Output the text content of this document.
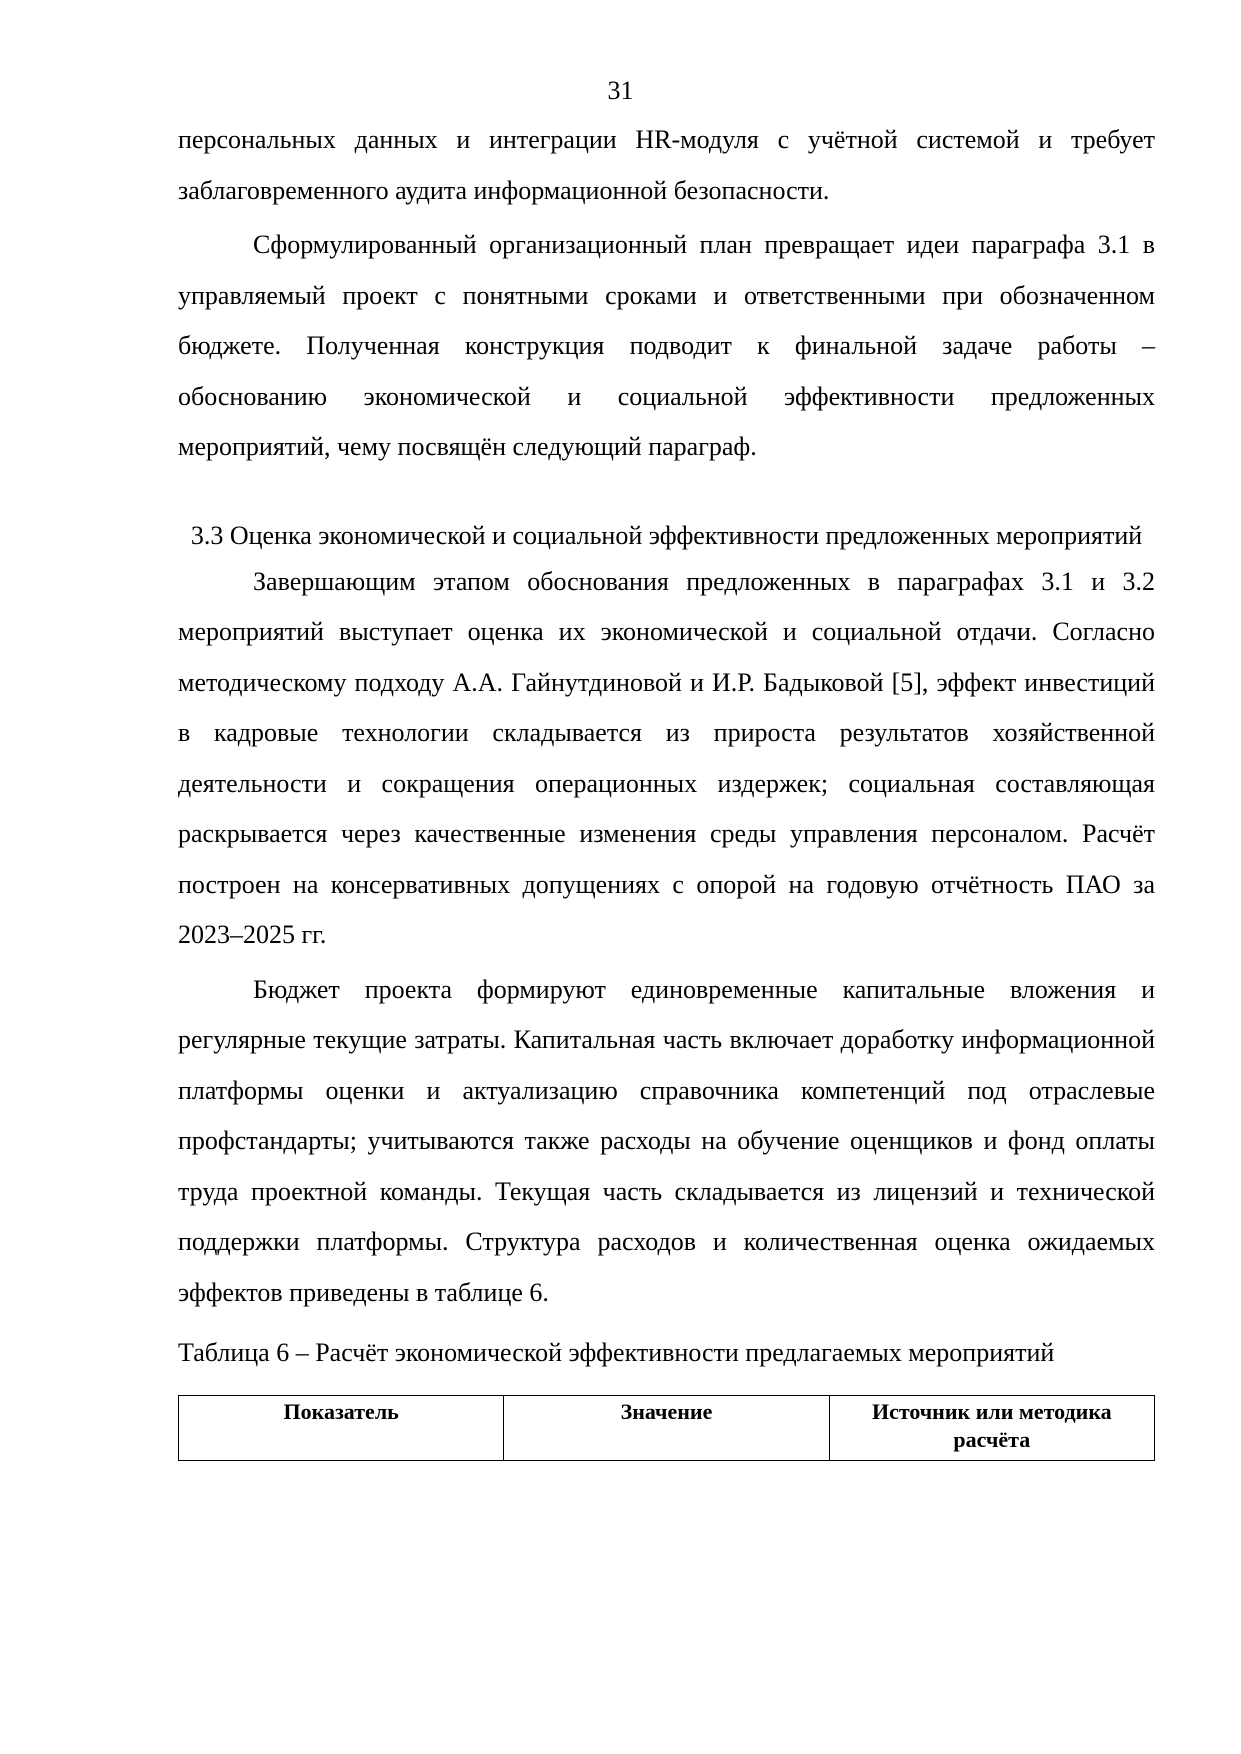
31

персональных данных и интеграции HR-модуля с учётной системой и требует заблаговременного аудита информационной безопасности.

Сформулированный организационный план превращает идеи параграфа 3.1 в управляемый проект с понятными сроками и ответственными при обозначенном бюджете. Полученная конструкция подводит к финальной задаче работы – обоснованию экономической и социальной эффективности предложенных мероприятий, чему посвящён следующий параграф.

3.3 Оценка экономической и социальной эффективности предложенных мероприятий

Завершающим этапом обоснования предложенных в параграфах 3.1 и 3.2 мероприятий выступает оценка их экономической и социальной отдачи. Согласно методическому подходу А.А. Гайнутдиновой и И.Р. Бадыковой [5], эффект инвестиций в кадровые технологии складывается из прироста результатов хозяйственной деятельности и сокращения операционных издержек; социальная составляющая раскрывается через качественные изменения среды управления персоналом. Расчёт построен на консервативных допущениях с опорой на годовую отчётность ПАО за 2023–2025 гг.

Бюджет проекта формируют единовременные капитальные вложения и регулярные текущие затраты. Капитальная часть включает доработку информационной платформы оценки и актуализацию справочника компетенций под отраслевые профстандарты; учитываются также расходы на обучение оценщиков и фонд оплаты труда проектной команды. Текущая часть складывается из лицензий и технической поддержки платформы. Структура расходов и количественная оценка ожидаемых эффектов приведены в таблице 6.

Таблица 6 – Расчёт экономической эффективности предлагаемых мероприятий

Показатель	Значение	Источник или методика расчёта
